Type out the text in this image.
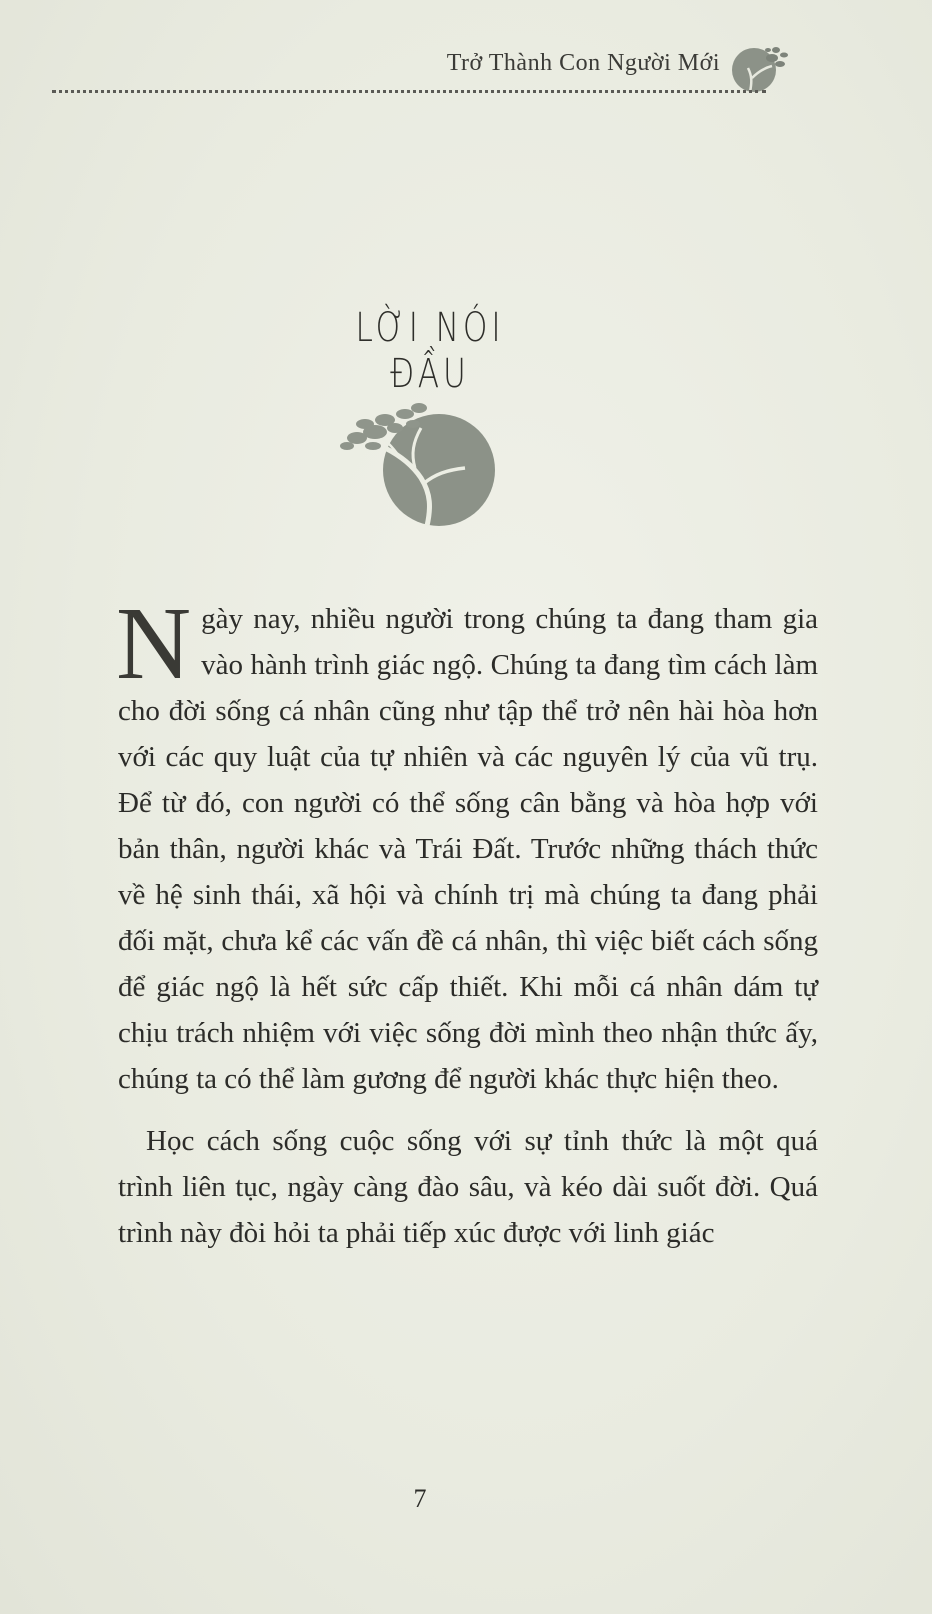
Trở Thành Con Người Mới
LỜI NÓI ĐẦU

Ngày nay, nhiều người trong chúng ta đang tham gia vào hành trình giác ngộ. Chúng ta đang tìm cách làm cho đời sống cá nhân cũng như tập thể trở nên hài hòa hơn với các quy luật của tự nhiên và các nguyên lý của vũ trụ. Để từ đó, con người có thể sống cân bằng và hòa hợp với bản thân, người khác và Trái Đất. Trước những thách thức về hệ sinh thái, xã hội và chính trị mà chúng ta đang phải đối mặt, chưa kể các vấn đề cá nhân, thì việc biết cách sống để giác ngộ là hết sức cấp thiết. Khi mỗi cá nhân dám tự chịu trách nhiệm với việc sống đời mình theo nhận thức ấy, chúng ta có thể làm gương để người khác thực hiện theo.

Học cách sống cuộc sống với sự tỉnh thức là một quá trình liên tục, ngày càng đào sâu, và kéo dài suốt đời. Quá trình này đòi hỏi ta phải tiếp xúc được với linh giác

7
